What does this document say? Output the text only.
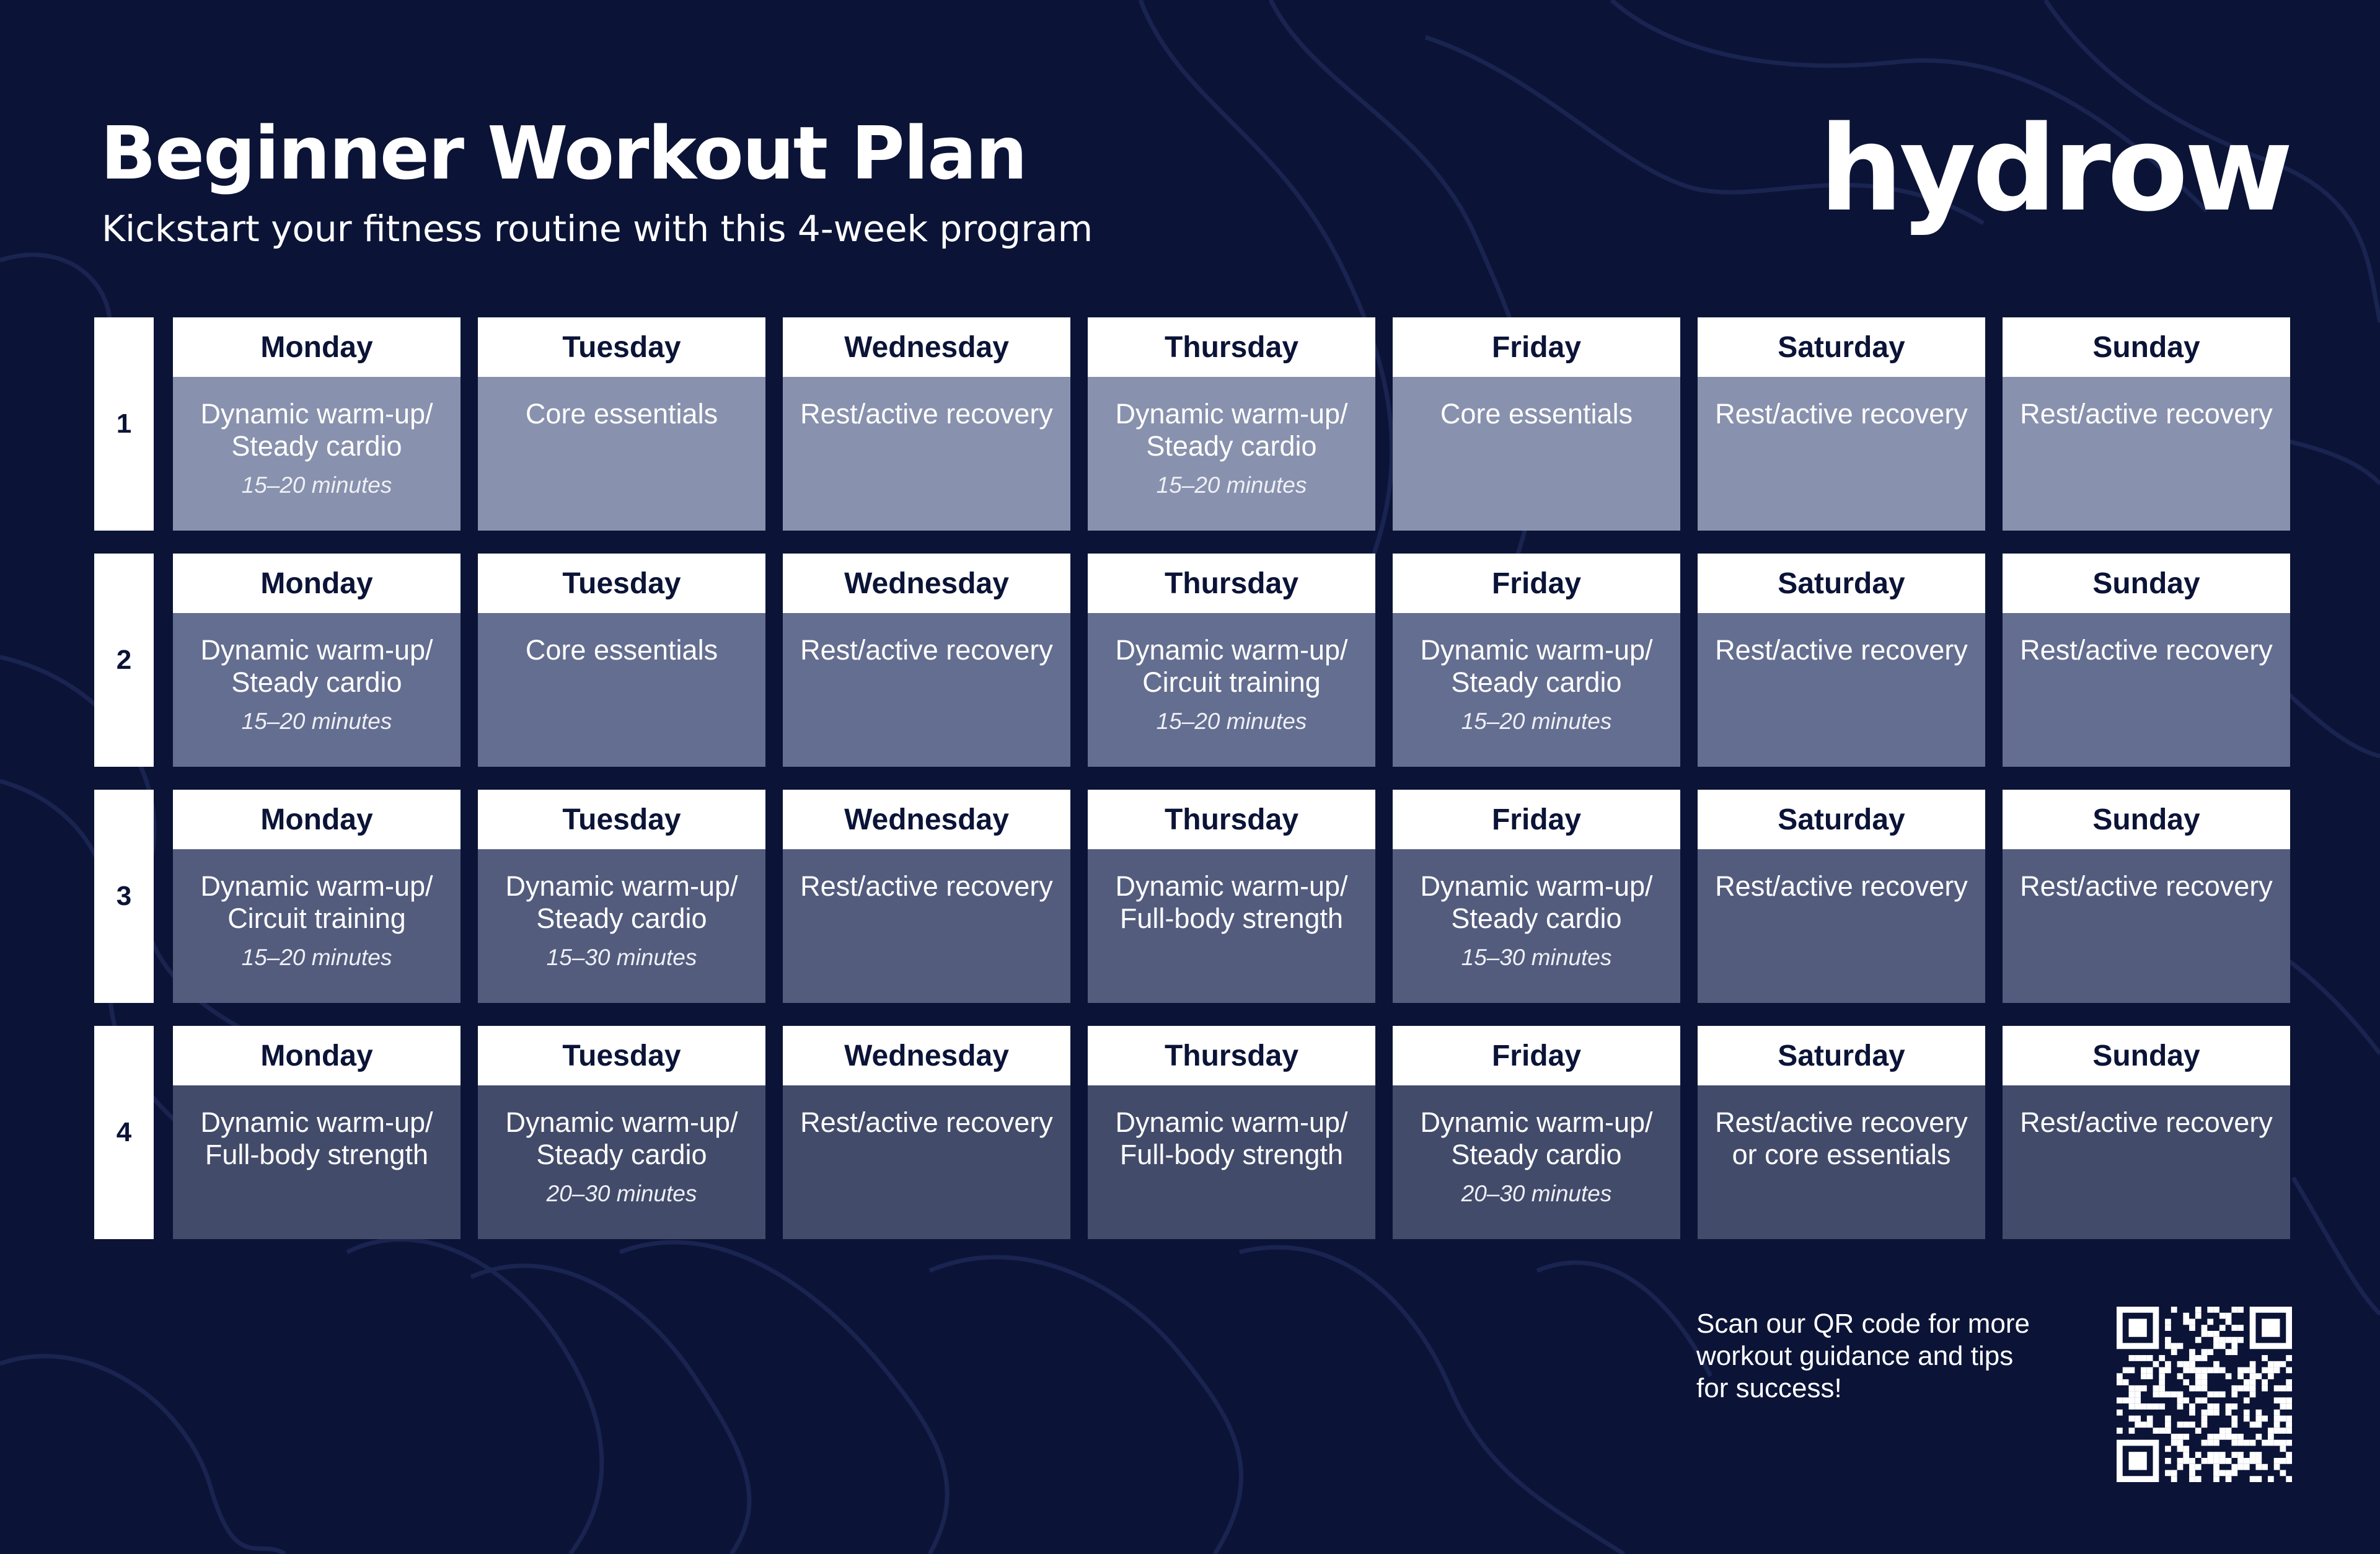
Beginner Workout Plan
Kickstart your fitness routine with this 4-week program	hydrow
1
Monday
Dynamic warm-up/
Steady cardio
15–20 minutes
Tuesday
Core essentials
Wednesday
Rest/active recovery
Thursday
Dynamic warm-up/
Steady cardio
15–20 minutes
Friday
Core essentials
Saturday
Rest/active recovery
Sunday
Rest/active recovery
2
Monday
Dynamic warm-up/
Steady cardio
15–20 minutes
Tuesday
Core essentials
Wednesday
Rest/active recovery
Thursday
Dynamic warm-up/
Circuit training
15–20 minutes
Friday
Dynamic warm-up/
Steady cardio
15–20 minutes
Saturday
Rest/active recovery
Sunday
Rest/active recovery
3
Monday
Dynamic warm-up/
Circuit training
15–20 minutes
Tuesday
Dynamic warm-up/
Steady cardio
15–30 minutes
Wednesday
Rest/active recovery
Thursday
Dynamic warm-up/
Full-body strength
Friday
Dynamic warm-up/
Steady cardio
15–30 minutes
Saturday
Rest/active recovery
Sunday
Rest/active recovery
4
Monday
Dynamic warm-up/
Full-body strength
Tuesday
Dynamic warm-up/
Steady cardio
20–30 minutes
Wednesday
Rest/active recovery
Thursday
Dynamic warm-up/
Full-body strength
Friday
Dynamic warm-up/
Steady cardio
20–30 minutes
Saturday
Rest/active recovery
or core essentials
Sunday
Rest/active recovery
Scan our QR code for more
workout guidance and tips
for success!
